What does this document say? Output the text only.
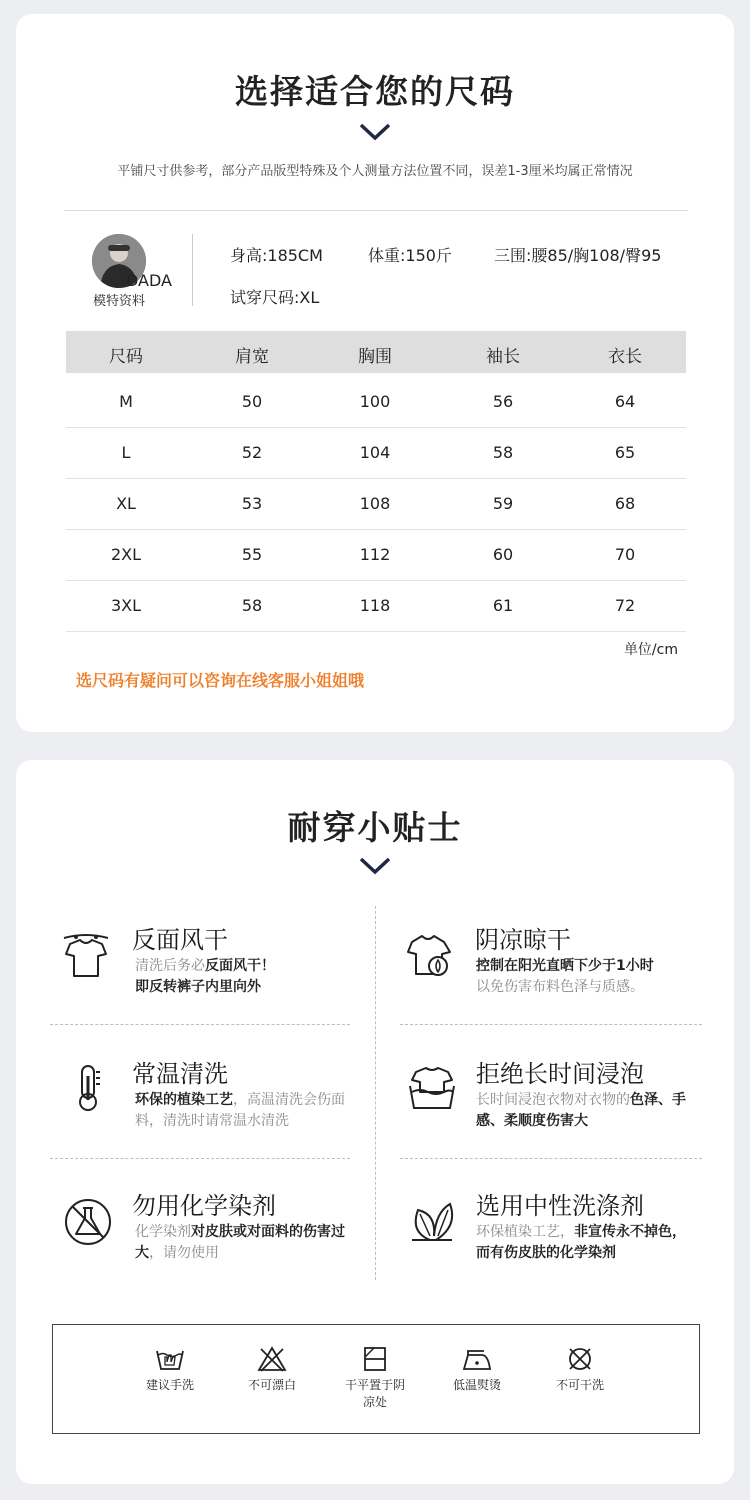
选择适合您的尺码
平铺尺寸供参考，部分产品版型特殊及个人测量方法位置不同，误差1-3厘米均属正常情况
DADA
模特资料
身高:185CM	体重:150斤	三围:腰85/胸108/臀95
试穿尺码:XL
尺码	肩宽	胸围	袖长	衣长
M	50	100	56	64
L	52	104	58	65
XL	53	108	59	68
2XL	55	112	60	70
3XL	58	118	61	72
单位/cm
选尺码有疑问可以咨询在线客服小姐姐哦
耐穿小贴士
反面风干
清洗后务必反面风干！
即反转裤子内里向外
阴凉晾干
控制在阳光直晒下少于1小时
以免伤害布料色泽与质感。
常温清洗
环保的植染工艺，高温清洗会伤面料，清洗时请常温水清洗
拒绝长时间浸泡
长时间浸泡衣物对衣物的色泽、手感、柔顺度伤害大
勿用化学染剂
化学染剂对皮肤或对面料的伤害过大，请勿使用
选用中性洗涤剂
环保植染工艺，非宣传永不掉色，而有伤皮肤的化学染剂
建议手洗	不可漂白	干平置于阴凉处
低温熨烫	不可干洗
